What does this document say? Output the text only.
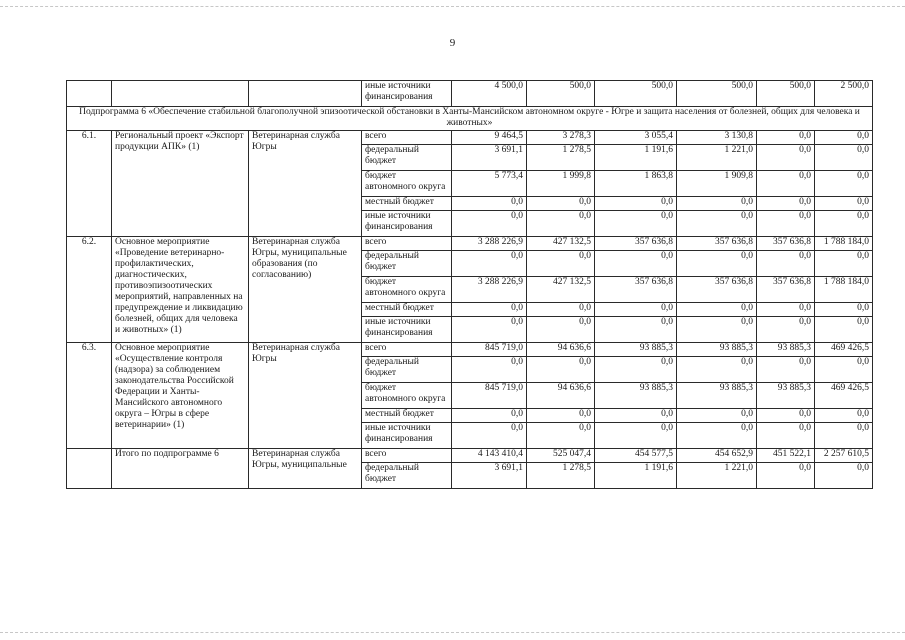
9
			иные источники финансирования	4 500,0	500,0	500,0	500,0	500,0	2 500,0
Подпрограмма 6 «Обеспечение стабильной благополучной эпизоотической обстановки в Ханты-Мансийском автономном округе - Югре и защита населения от болезней, общих для человека и животных»									
6.1.	Региональный проект «Экспорт продукции АПК» (1)	Ветеринарная служба Югры	всего	9 464,5	3 278,3	3 055,4	3 130,8	0,0	0,0
			федеральный бюджет	3 691,1	1 278,5	1 191,6	1 221,0	0,0	0,0
			бюджет автономного округа	5 773,4	1 999,8	1 863,8	1 909,8	0,0	0,0
			местный бюджет	0,0	0,0	0,0	0,0	0,0	0,0
			иные источники финансирования	0,0	0,0	0,0	0,0	0,0	0,0
6.2.	Основное мероприятие «Проведение ветеринарно-профилактических, диагностических, противоэпизоотических мероприятий, направленных на предупреждение и ликвидацию болезней, общих для человека и животных» (1)	Ветеринарная служба Югры, муниципальные образования (по согласованию)	всего	3 288 226,9	427 132,5	357 636,8	357 636,8	357 636,8	1 788 184,0
			федеральный бюджет	0,0	0,0	0,0	0,0	0,0	0,0
			бюджет автономного округа	3 288 226,9	427 132,5	357 636,8	357 636,8	357 636,8	1 788 184,0
			местный бюджет	0,0	0,0	0,0	0,0	0,0	0,0
			иные источники финансирования	0,0	0,0	0,0	0,0	0,0	0,0
6.3.	Основное мероприятие «Осуществление контроля (надзора) за соблюдением законодательства Российской Федерации и Ханты-Мансийского автономного округа – Югры в сфере ветеринарии» (1)	Ветеринарная служба Югры	всего	845 719,0	94 636,6	93 885,3	93 885,3	93 885,3	469 426,5
			федеральный бюджет	0,0	0,0	0,0	0,0	0,0	0,0
			бюджет автономного округа	845 719,0	94 636,6	93 885,3	93 885,3	93 885,3	469 426,5
			местный бюджет	0,0	0,0	0,0	0,0	0,0	0,0
			иные источники финансирования	0,0	0,0	0,0	0,0	0,0	0,0
	Итого по подпрограмме 6	Ветеринарная служба Югры, муниципальные	всего	4 143 410,4	525 047,4	454 577,5	454 652,9	451 522,1	2 257 610,5
			федеральный бюджет	3 691,1	1 278,5	1 191,6	1 221,0	0,0	0,0
